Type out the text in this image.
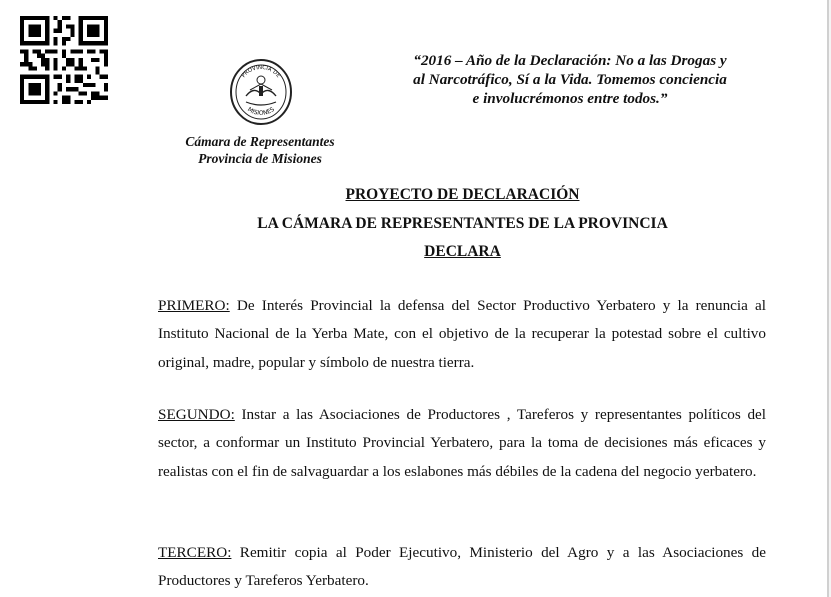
PROVINCIA DE
MISIONES
Cámara de Representantes
Provincia de Misiones
“2016 – Año de la Declaración: No a las Drogas y
al Narcotráfico, Sí a la Vida. Tomemos conciencia
e involucrémonos entre todos.”
PROYECTO DE DECLARACIÓN
LA CÁMARA DE REPRESENTANTES DE LA PROVINCIA
DECLARA
PRIMERO: De Interés Provincial la defensa del Sector Productivo Yerbatero y la renuncia al Instituto Nacional de la Yerba Mate, con el objetivo de la recuperar la potestad sobre el cultivo original, madre, popular y símbolo de nuestra tierra.
SEGUNDO: Instar a las Asociaciones de Productores , Tareferos y representantes políticos del sector, a conformar un Instituto Provincial Yerbatero, para la toma de decisiones más eficaces y realistas con el fin de salvaguardar a los eslabones más débiles de la cadena del negocio yerbatero.
TERCERO: Remitir copia al Poder Ejecutivo, Ministerio del Agro y a las Asociaciones de Productores y Tareferos Yerbatero.
